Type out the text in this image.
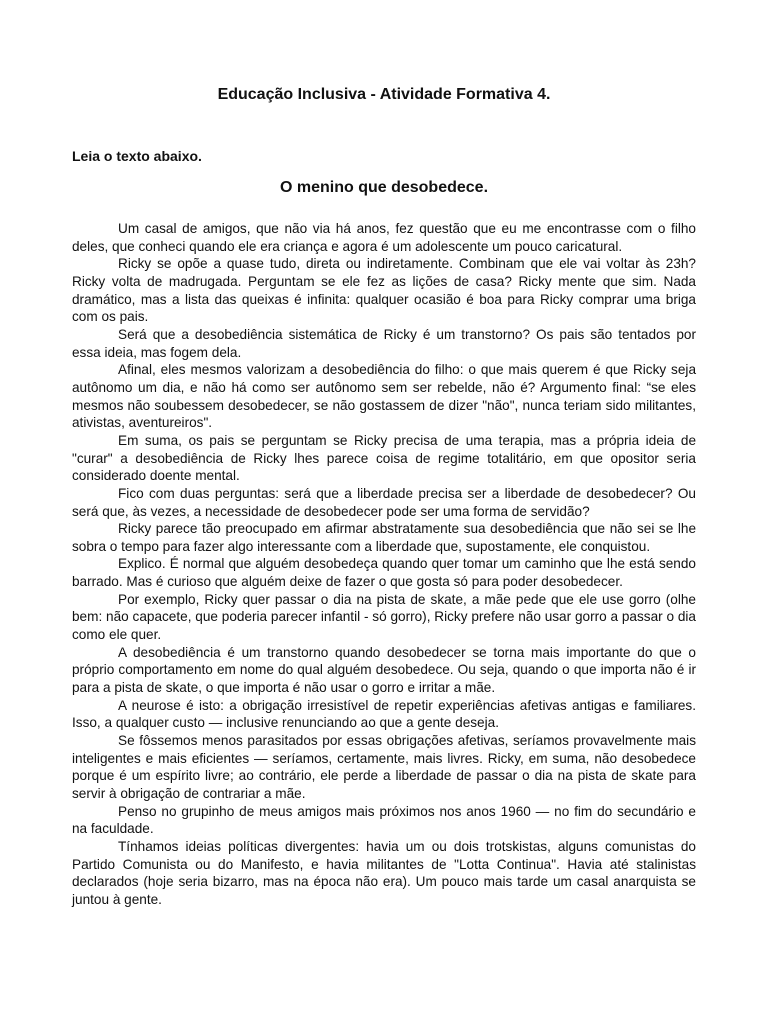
Educação Inclusiva - Atividade Formativa 4.

Leia o texto abaixo.

O menino que desobedece.

Um casal de amigos, que não via há anos, fez questão que eu me encontrasse com o filho deles, que conheci quando ele era criança e agora é um adolescente um pouco caricatural.

Ricky se opõe a quase tudo, direta ou indiretamente. Combinam que ele vai voltar às 23h? Ricky volta de madrugada. Perguntam se ele fez as lições de casa? Ricky mente que sim. Nada dramático, mas a lista das queixas é infinita: qualquer ocasião é boa para Ricky comprar uma briga com os pais.

Será que a desobediência sistemática de Ricky é um transtorno? Os pais são tentados por essa ideia, mas fogem dela.

Afinal, eles mesmos valorizam a desobediência do filho: o que mais querem é que Ricky seja autônomo um dia, e não há como ser autônomo sem ser rebelde, não é? Argumento final: “se eles mesmos não soubessem desobedecer, se não gostassem de dizer "não", nunca teriam sido militantes, ativistas, aventureiros".

Em suma, os pais se perguntam se Ricky precisa de uma terapia, mas a própria ideia de "curar" a desobediência de Ricky lhes parece coisa de regime totalitário, em que opositor seria considerado doente mental.

Fico com duas perguntas: será que a liberdade precisa ser a liberdade de desobedecer? Ou será que, às vezes, a necessidade de desobedecer pode ser uma forma de servidão?

Ricky parece tão preocupado em afirmar abstratamente sua desobediência que não sei se lhe sobra o tempo para fazer algo interessante com a liberdade que, supostamente, ele conquistou.

Explico. É normal que alguém desobedeça quando quer tomar um caminho que lhe está sendo barrado. Mas é curioso que alguém deixe de fazer o que gosta só para poder desobedecer.

Por exemplo, Ricky quer passar o dia na pista de skate, a mãe pede que ele use gorro (olhe bem: não capacete, que poderia parecer infantil - só gorro), Ricky prefere não usar gorro a passar o dia como ele quer.

A desobediência é um transtorno quando desobedecer se torna mais importante do que o próprio comportamento em nome do qual alguém desobedece. Ou seja, quando o que importa não é ir para a pista de skate, o que importa é não usar o gorro e irritar a mãe.

A neurose é isto: a obrigação irresistível de repetir experiências afetivas antigas e familiares. Isso, a qualquer custo — inclusive renunciando ao que a gente deseja.

Se fôssemos menos parasitados por essas obrigações afetivas, seríamos provavelmente mais inteligentes e mais eficientes — seríamos, certamente, mais livres. Ricky, em suma, não desobedece porque é um espírito livre; ao contrário, ele perde a liberdade de passar o dia na pista de skate para servir à obrigação de contrariar a mãe.

Penso no grupinho de meus amigos mais próximos nos anos 1960 — no fim do secundário e na faculdade.

Tínhamos ideias políticas divergentes: havia um ou dois trotskistas, alguns comunistas do Partido Comunista ou do Manifesto, e havia militantes de "Lotta Continua". Havia até stalinistas declarados (hoje seria bizarro, mas na época não era). Um pouco mais tarde um casal anarquista se juntou à gente.
